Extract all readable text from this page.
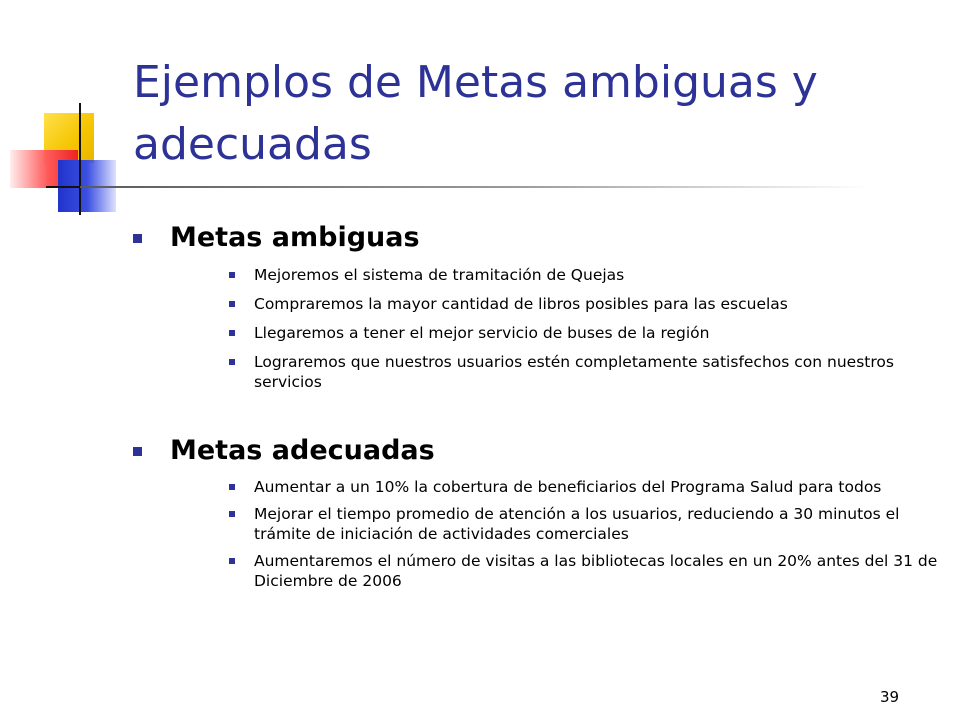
Ejemplos de Metas ambiguas y adecuadas
Metas ambiguas
Mejoremos el sistema de tramitación de Quejas
Compraremos la mayor cantidad de libros posibles para las escuelas
Llegaremos a tener el mejor servicio de buses de la región
Lograremos que nuestros usuarios estén completamente satisfechos con nuestros servicios
Metas adecuadas
Aumentar a un 10% la cobertura de beneficiarios del Programa Salud para todos
Mejorar el tiempo promedio de atención a los usuarios, reduciendo a 30 minutos el trámite de iniciación de actividades comerciales
Aumentaremos el número de visitas a las bibliotecas locales en un 20% antes del 31 de Diciembre de 2006
39
